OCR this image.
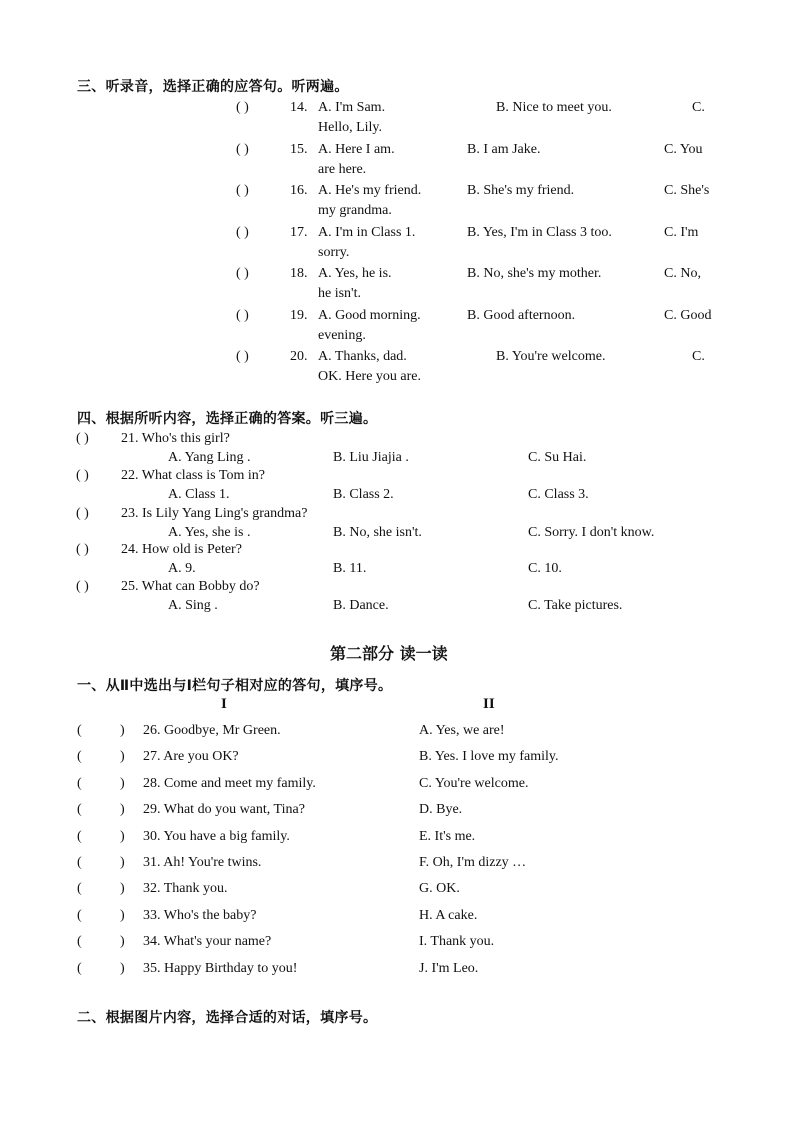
三、听录音，选择正确的应答句。听两遍。
( )	14. A. I'm Sam.	B. Nice to meet you.	C.
Hello, Lily.
( )	15. A. Here I am.	B. I am Jake.	C. You
are here.
( )	16. A. He's my friend.	B. She's my friend.	C. She's
my grandma.
( )	17. A. I'm in Class 1.	B. Yes, I'm in Class 3 too.	C. I'm
sorry.
( )	18. A. Yes, he is.	B. No, she's my mother.	C. No,
he isn't.
( )	19. A. Good morning.	B. Good afternoon.	C. Good
evening.
( )	20. A. Thanks, dad.	B. You're welcome.	C.
OK. Here you are.
四、根据所听内容，选择正确的答案。听三遍。
( ) 21. Who's this girl?
A. Yang Ling .	B. Liu Jiajia .	C. Su Hai.
( ) 22. What class is Tom in?
A. Class 1.	B. Class 2.	C. Class 3.
( ) 23. Is Lily Yang Ling's grandma?
A. Yes, she is .	B. No, she isn't.	C. Sorry. I don't know.
( ) 24. How old is Peter?
A. 9.	B. 11.	C. 10.
( ) 25. What can Bobby do?
A. Sing .	B. Dance.	C. Take pictures.
第二部分 读一读
一、从Ⅱ中选出与Ⅰ栏句子相对应的答句，填序号。
I	II
(	) 26. Goodbye, Mr Green.	A. Yes, we are!
(	) 27. Are you OK?	B. Yes. I love my family.
(	) 28. Come and meet my family.	C. You're welcome.
(	) 29. What do you want, Tina?	D. Bye.
(	) 30. You have a big family.	E. It's me.
(	) 31. Ah! You're twins.	F. Oh, I'm dizzy …
(	) 32. Thank you.	G. OK.
(	) 33. Who's the baby?	H. A cake.
(	) 34. What's your name?	I. Thank you.
(	) 35. Happy Birthday to you!	J. I'm Leo.
二、根据图片内容，选择合适的对话，填序号。
